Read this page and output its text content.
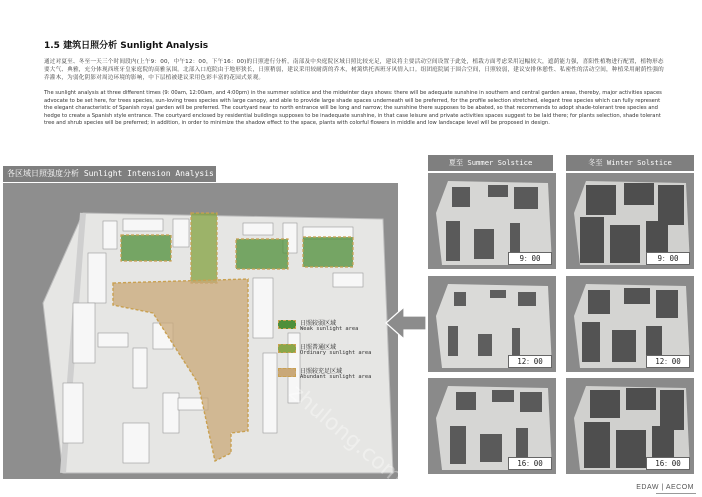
1.5 建筑日照分析 Sunlight Analysis
通过对夏至、冬至一天三个时间段内(上午9：00，中午12：00，下午16：00)的日照进行分析，南部及中央庭院区域日照比较充足，建议将主要活动空间设置于此处，植栽方面考虑采用冠幅较大，遮荫能力强，喜阳性植物进行配置，植物形态要大气、典雅，充分体现西班牙皇家庭院的高雅氛围。北部入口庭院由于地形狭长，日照稍弱，建议采用较耐荫的乔木，树篱烘托西班牙风情入口。组团庭院属于围合空间，日照较弱，建议安排休憩性、私密性的活动空间，种植采用耐荫性强的乔灌木，为弱化阴影对周边环境的影响，中下层植被建议采用色彩丰富的花园式景观。
The sunlight analysis at three different times (9: 00am, 12:00am, and 4:00pm) in the summer solstice and the midwinter days shows: there will be adequate sunshine in southern and central garden areas, thereby, major activities spaces advocate to be set here, for trees species, sun-loving trees species with large canopy, and able to provide large shade spaces underneath will be preferred, for the profile selection stretched, elegant tree species which can fully represent the elegant characteristic of Spanish royal garden will be preferred. The courtyard near to north entrance will be long and narrow; the sunshine there supposes to be abated, so that recommends to adopt shade-tolerant tree species and hedge to create a Spanish style entrance. The courtyard enclosed by residential buildings supposes to be inadequate sunshine, in that case leisure and private activities spaces suggest to be laid there; for plants selection, shade tolerant tree and shrub species will be preferred; in addition, in order to minimize the shadow effect to the space, plants with colorful flowers in middle and low landscape level will be proposed in design.
各区域日照强度分析 Sunlight Intension Analysis
日照较弱区域
Weak sunlight area
日照普通区域
Ordinary sunlight area
日照较充足区域
Abundant sunlight area
夏至 Summer Solstice	冬至 Winter Solstice
9：00	9：00
12：00	12：00
16：00	16：00
zhulong.com	EDAW | AECOM
